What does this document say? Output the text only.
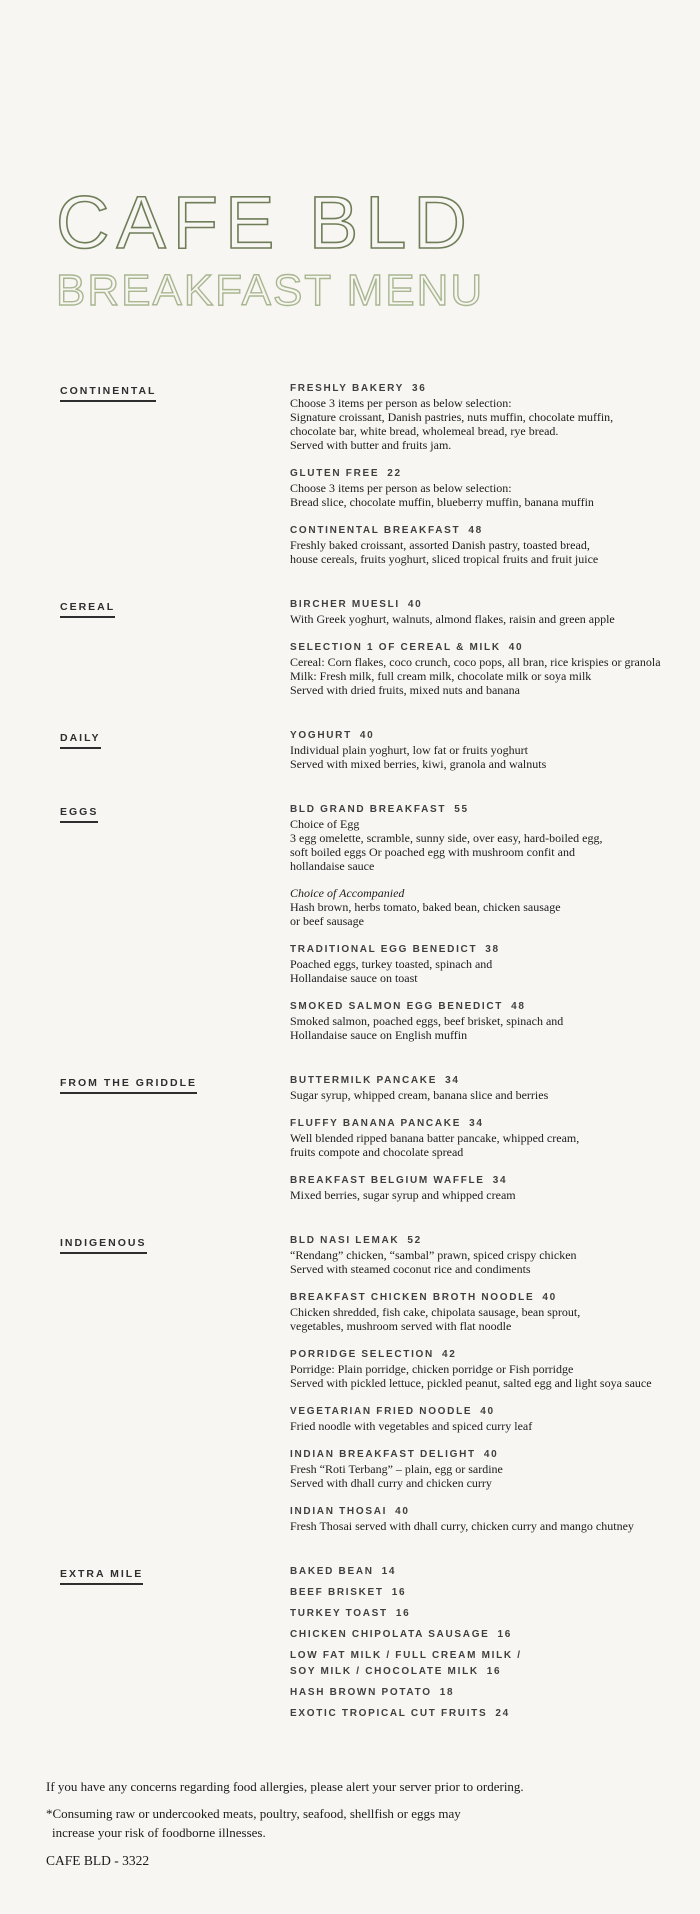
CAFE BLD
BREAKFAST MENU
CONTINENTAL	FRESHLY BAKERY 36
Choose 3 items per person as below selection:
Signature croissant, Danish pastries, nuts muffin, chocolate muffin,
chocolate bar, white bread, wholemeal bread, rye bread.
Served with butter and fruits jam.
GLUTEN FREE 22
Choose 3 items per person as below selection:
Bread slice, chocolate muffin, blueberry muffin, banana muffin
CONTINENTAL BREAKFAST 48
Freshly baked croissant, assorted Danish pastry, toasted bread,
house cereals, fruits yoghurt, sliced tropical fruits and fruit juice
CEREAL	BIRCHER MUESLI 40
With Greek yoghurt, walnuts, almond flakes, raisin and green apple
SELECTION 1 OF CEREAL & MILK 40
Cereal: Corn flakes, coco crunch, coco pops, all bran, rice krispies or granola
Milk: Fresh milk, full cream milk, chocolate milk or soya milk
Served with dried fruits, mixed nuts and banana
DAILY	YOGHURT 40
Individual plain yoghurt, low fat or fruits yoghurt
Served with mixed berries, kiwi, granola and walnuts
EGGS	BLD GRAND BREAKFAST 55
Choice of Egg
3 egg omelette, scramble, sunny side, over easy, hard-boiled egg,
soft boiled eggs Or poached egg with mushroom confit and
hollandaise sauce
Choice of Accompanied
Hash brown, herbs tomato, baked bean, chicken sausage
or beef sausage
TRADITIONAL EGG BENEDICT 38
Poached eggs, turkey toasted, spinach and
Hollandaise sauce on toast
SMOKED SALMON EGG BENEDICT 48
Smoked salmon, poached eggs, beef brisket, spinach and
Hollandaise sauce on English muffin
FROM THE GRIDDLE	BUTTERMILK PANCAKE 34
Sugar syrup, whipped cream, banana slice and berries
FLUFFY BANANA PANCAKE 34
Well blended ripped banana batter pancake, whipped cream,
fruits compote and chocolate spread
BREAKFAST BELGIUM WAFFLE 34
Mixed berries, sugar syrup and whipped cream
INDIGENOUS	BLD NASI LEMAK 52
“Rendang” chicken, “sambal” prawn, spiced crispy chicken
Served with steamed coconut rice and condiments
BREAKFAST CHICKEN BROTH NOODLE 40
Chicken shredded, fish cake, chipolata sausage, bean sprout,
vegetables, mushroom served with flat noodle
PORRIDGE SELECTION 42
Porridge: Plain porridge, chicken porridge or Fish porridge
Served with pickled lettuce, pickled peanut, salted egg and light soya sauce
VEGETARIAN FRIED NOODLE 40
Fried noodle with vegetables and spiced curry leaf
INDIAN BREAKFAST DELIGHT 40
Fresh “Roti Terbang” – plain, egg or sardine
Served with dhall curry and chicken curry
INDIAN THOSAI 40
Fresh Thosai served with dhall curry, chicken curry and mango chutney
EXTRA MILE	BAKED BEAN 14
BEEF BRISKET 16
TURKEY TOAST 16
CHICKEN CHIPOLATA SAUSAGE 16
LOW FAT MILK / FULL CREAM MILK /
SOY MILK / CHOCOLATE MILK 16
HASH BROWN POTATO 18
EXOTIC TROPICAL CUT FRUITS 24
If you have any concerns regarding food allergies, please alert your server prior to ordering.
*Consuming raw or undercooked meats, poultry, seafood, shellfish or eggs may
increase your risk of foodborne illnesses.
CAFE BLD - 3322
